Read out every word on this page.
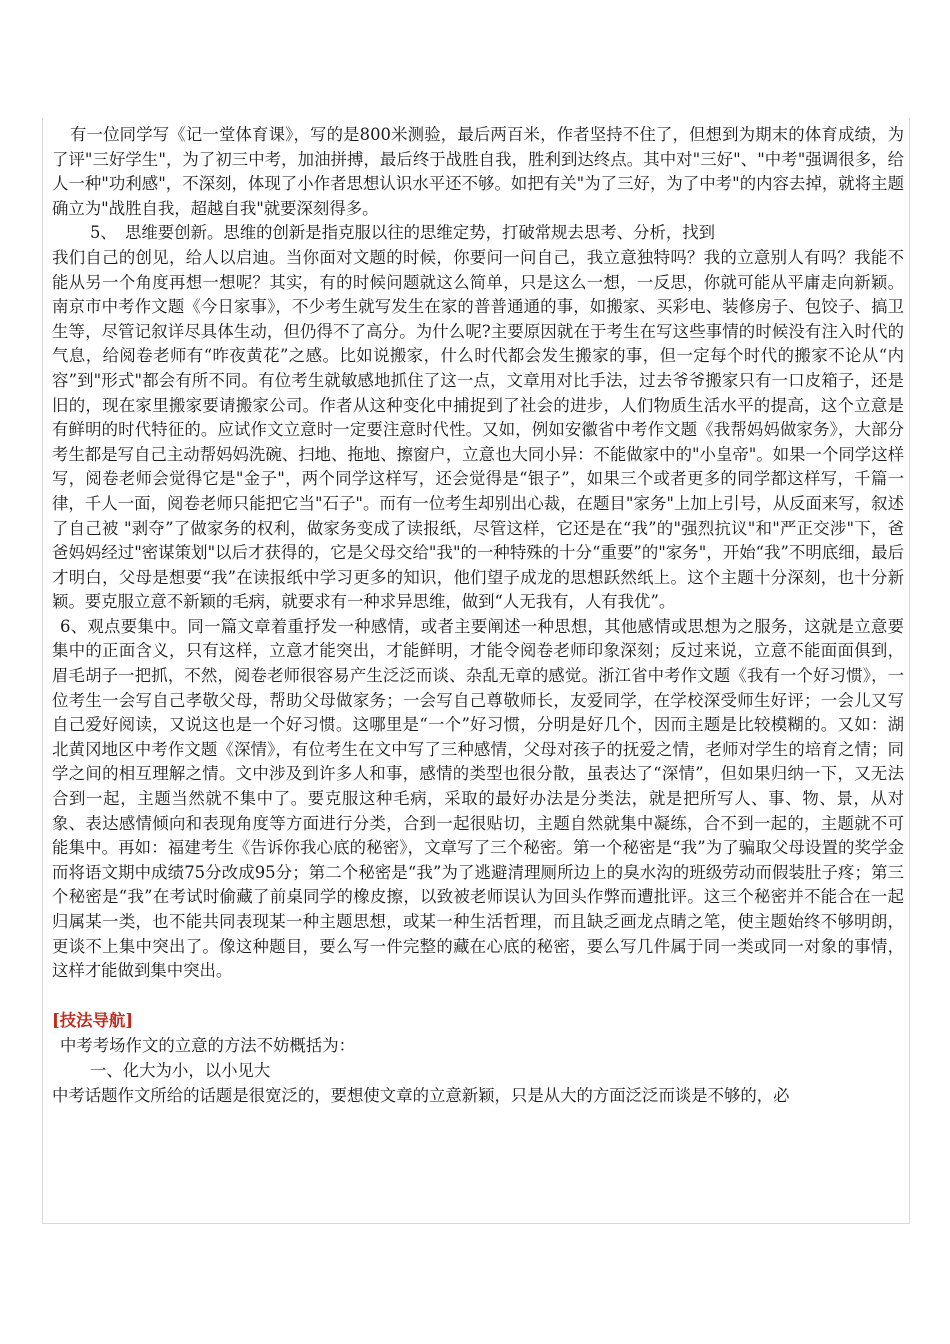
有一位同学写《记一堂体育课》，写的是800米测验，最后两百米，作者坚持不住了，但想到为期末的体育成绩，为了评"三好学生"，为了初三中考，加油拼搏，最后终于战胜自我，胜利到达终点。其中对"三好"、"中考"强调很多，给人一种"功利感"，不深刻，体现了小作者思想认识水平还不够。如把有关"为了三好，为了中考"的内容去掉，就将主题确立为"战胜自我，超越自我"就要深刻得多。

5、　思维要创新。思维的创新是指克服以往的思维定势，打破常规去思考、分析，找到

我们自己的创见，给人以启迪。当你面对文题的时候，你要问一问自己，我立意独特吗？我的立意别人有吗？我能不能从另一个角度再想一想呢？其实，有的时候问题就这么简单，只是这么一想，一反思，你就可能从平庸走向新颖。南京市中考作文题《今日家事》，不少考生就写发生在家的普普通通的事，如搬家、买彩电、装修房子、包饺子、搞卫生等，尽管记叙详尽具体生动，但仍得不了高分。为什么呢?主要原因就在于考生在写这些事情的时候没有注入时代的气息，给阅卷老师有“昨夜黄花”之感。比如说搬家，什么时代都会发生搬家的事，但一定每个时代的搬家不论从“内容”到"形式"都会有所不同。有位考生就敏感地抓住了这一点，文章用对比手法，过去爷爷搬家只有一口皮箱子，还是旧的，现在家里搬家要请搬家公司。作者从这种变化中捕捉到了社会的进步，人们物质生活水平的提高，这个立意是有鲜明的时代特征的。应试作文立意时一定要注意时代性。又如，例如安徽省中考作文题《我帮妈妈做家务》，大部分考生都是写自己主动帮妈妈洗碗、扫地、拖地、擦窗户，立意也大同小异：不能做家中的"小皇帝"。如果一个同学这样写，阅卷老师会觉得它是"金子"，两个同学这样写，还会觉得是“银子”，如果三个或者更多的同学都这样写，千篇一律，千人一面，阅卷老师只能把它当"石子"。而有一位考生却别出心裁，在题目"家务"上加上引号，从反面来写，叙述了自己被 "剥夺”了做家务的权利，做家务变成了读报纸，尽管这样，它还是在“我”的"强烈抗议"和"严正交涉"下，爸爸妈妈经过"密谋策划"以后才获得的，它是父母交给"我"的一种特殊的十分“重要”的"家务"，开始“我”不明底细，最后才明白，父母是想要“我”在读报纸中学习更多的知识，他们望子成龙的思想跃然纸上。这个主题十分深刻，也十分新颖。要克服立意不新颖的毛病，就要求有一种求异思维，做到“人无我有，人有我优”。

6、观点要集中。同一篇文章着重抒发一种感情，或者主要阐述一种思想，其他感情或思想为之服务，这就是立意要集中的正面含义，只有这样，立意才能突出，才能鲜明，才能令阅卷老师印象深刻；反过来说，立意不能面面俱到，眉毛胡子一把抓，不然，阅卷老师很容易产生泛泛而谈、杂乱无章的感觉。浙江省中考作文题《我有一个好习惯》，一位考生一会写自己孝敬父母，帮助父母做家务；一会写自己尊敬师长，友爱同学，在学校深受师生好评；一会儿又写自己爱好阅读，又说这也是一个好习惯。这哪里是“一个”好习惯，分明是好几个，因而主题是比较模糊的。又如：湖北黄冈地区中考作文题《深情》，有位考生在文中写了三种感情，父母对孩子的抚爱之情，老师对学生的培育之情；同学之间的相互理解之情。文中涉及到许多人和事，感情的类型也很分散，虽表达了“深情”，但如果归纳一下，又无法合到一起，主题当然就不集中了。要克服这种毛病，采取的最好办法是分类法，就是把所写人、事、物、景，从对象、表达感情倾向和表现角度等方面进行分类，合到一起很贴切，主题自然就集中凝练，合不到一起的，主题就不可能集中。再如：福建考生《告诉你我心底的秘密》，文章写了三个秘密。第一个秘密是“我”为了骗取父母设置的奖学金而将语文期中成绩75分改成95分；第二个秘密是“我”为了逃避清理厕所边上的臭水沟的班级劳动而假装肚子疼；第三个秘密是“我”在考试时偷藏了前桌同学的橡皮擦，以致被老师误认为回头作弊而遭批评。这三个秘密并不能合在一起归属某一类，也不能共同表现某一种主题思想，或某一种生活哲理，而且缺乏画龙点睛之笔，使主题始终不够明朗，更谈不上集中突出了。像这种题目，要么写一件完整的藏在心底的秘密，要么写几件属于同一类或同一对象的事情，这样才能做到集中突出。

[技法导航]

中考考场作文的立意的方法不妨概括为：

一、化大为小，以小见大

中考话题作文所给的话题是很宽泛的，要想使文章的立意新颖，只是从大的方面泛泛而谈是不够的，必
